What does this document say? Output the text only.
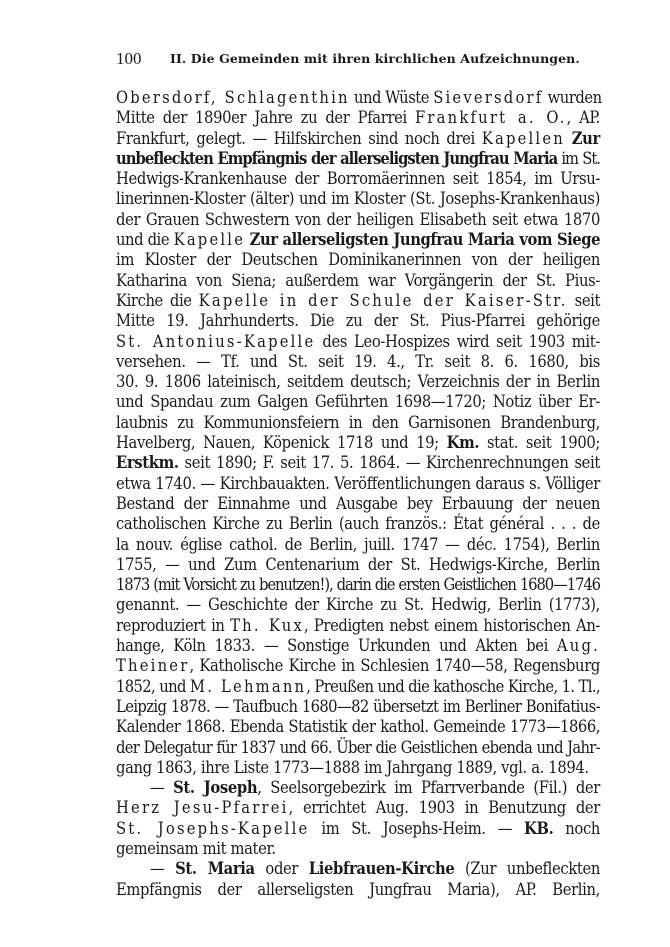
100 II. Die Gemeinden mit ihren kirchlichen Aufzeichnungen.
Obersdorf, Schlagenthin und Wüste Sieversdorf wurden
Mitte der 1890er Jahre zu der Pfarrei Frankfurt a. O., AP.
Frankfurt, gelegt. — Hilfskirchen sind noch drei Kapellen Zur
unbefleckten Empfängnis der allerseligsten Jungfrau Maria im St.
Hedwigs-Krankenhause der Borromäerinnen seit 1854, im Ursu-
linerinnen-Kloster (älter) und im Kloster (St. Josephs-Krankenhaus)
der Grauen Schwestern von der heiligen Elisabeth seit etwa 1870
und die Kapelle Zur allerseligsten Jungfrau Maria vom Siege
im Kloster der Deutschen Dominikanerinnen von der heiligen
Katharina von Siena; außerdem war Vorgängerin der St. Pius-
Kirche die Kapelle in der Schule der Kaiser-Str. seit
Mitte 19. Jahrhunderts. Die zu der St. Pius-Pfarrei gehörige
St. Antonius-Kapelle des Leo-Hospizes wird seit 1903 mit-
versehen. — Tf. und St. seit 19. 4., Tr. seit 8. 6. 1680, bis
30. 9. 1806 lateinisch, seitdem deutsch; Verzeichnis der in Berlin
und Spandau zum Galgen Geführten 1698—1720; Notiz über Er-
laubnis zu Kommunionsfeiern in den Garnisonen Brandenburg,
Havelberg, Nauen, Köpenick 1718 und 19; Km. stat. seit 1900;
Erstkm. seit 1890; F. seit 17. 5. 1864. — Kirchenrechnungen seit
etwa 1740. — Kirchbauakten. Veröffentlichungen daraus s. Völliger
Bestand der Einnahme und Ausgabe bey Erbauung der neuen
catholischen Kirche zu Berlin (auch französ.: État général . . . de
la nouv. église cathol. de Berlin, juill. 1747 — déc. 1754), Berlin
1755, — und Zum Centenarium der St. Hedwigs-Kirche, Berlin
1873 (mit Vorsicht zu benutzen!), darin die ersten Geistlichen 1680—1746
genannt. — Geschichte der Kirche zu St. Hedwig, Berlin (1773),
reproduziert in Th. Kux, Predigten nebst einem historischen An-
hange, Köln 1833. — Sonstige Urkunden und Akten bei Aug.
Theiner, Katholische Kirche in Schlesien 1740—58, Regensburg
1852, und M. Lehmann, Preußen und die kathosche Kirche, 1. Tl.,
Leipzig 1878. — Taufbuch 1680—82 übersetzt im Berliner Bonifatius-
Kalender 1868. Ebenda Statistik der kathol. Gemeinde 1773—1866,
der Delegatur für 1837 und 66. Über die Geistlichen ebenda und Jahr-
gang 1863, ihre Liste 1773—1888 im Jahrgang 1889, vgl. a. 1894.
— St. Joseph, Seelsorgebezirk im Pfarrverbande (Fil.) der
Herz Jesu-Pfarrei, errichtet Aug. 1903 in Benutzung der
St. Josephs-Kapelle im St. Josephs-Heim. — KB. noch
gemeinsam mit mater.
— St. Maria oder Liebfrauen-Kirche (Zur unbefleckten
Empfängnis der allerseligsten Jungfrau Maria), AP. Berlin,
